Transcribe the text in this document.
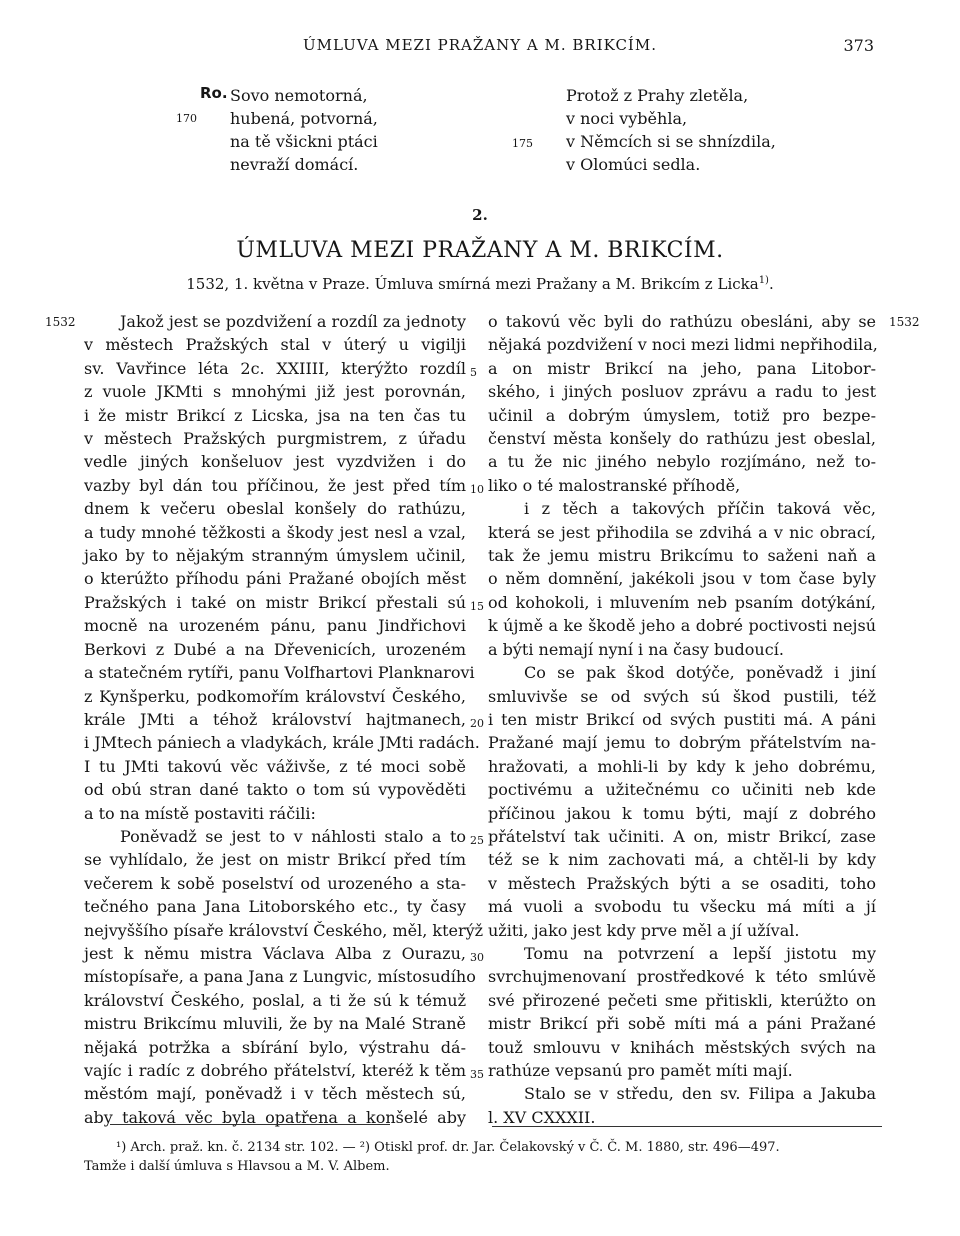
ÚMLUVA MEZI PRAŽANY A M. BRIKCÍM.	373
Ro. Sovo nemotorná,
hubená, potvorná,
na tě všickni ptáci
nevraží domácí.
170
Protož z Prahy zletěla,
v noci vyběhla,
v Němcích si se shnízdila,
v Olomúci sedla.
175
2.
ÚMLUVA MEZI PRAŽANY A M. BRIKCÍM.
1532, 1. května v Praze. Úmluva smírná mezi Pražany a M. Brikcím z Licka$^{1)}$.
1532	1532
Jakož jest se pozdvižení a rozdíl za jednoty
v městech Pražských stal v úterý u vigilji
sv. Vavřince léta 2c. XXIIII, kterýžto rozdíl
z vuole JKMti s mnohými již jest porovnán,
i že mistr Brikcí z Licska, jsa na ten čas tu
v městech Pražských purgmistrem, z úřadu
vedle jiných konšeluov jest vyzdvižen i do
vazby byl dán tou příčinou, že jest před tím
dnem k večeru obeslal konšely do rathúzu,
a tudy mnohé těžkosti a škody jest nesl a vzal,
jako by to nějakým stranným úmyslem učinil,
o kterúžto příhodu páni Pražané obojích měst
Pražských i také on mistr Brikcí přestali sú
mocně na urozeném pánu, panu Jindřichovi
Berkovi z Dubé a na Dřevenicích, urozeném
a statečném rytíři, panu Volfhartovi Planknarovi
z Kynšperku, podkomořím království Českého,
krále JMti a téhož království hajtmanech,
i JMtech pániech a vladykách, krále JMti radách.
I tu JMti takovú věc váživše, z té moci sobě
od obú stran dané takto o tom sú vypověděti
a to na místě postaviti ráčili:
Poněvadž se jest to v náhlosti stalo a to
se vyhlídalo, že jest on mistr Brikcí před tím
večerem k sobě poselství od urozeného a sta-
tečného pana Jana Litoborského etc., ty časy
nejvyššího písaře království Českého, měl, kterýž
jest k němu mistra Václava Alba z Ourazu,
místopísaře, a pana Jana z Lungvic, místosudího
království Českého, poslal, a ti že sú k témuž
mistru Brikcímu mluvili, že by na Malé Straně
nějaká potržka a sbírání bylo, výstrahu dá-
vajíc i radíc z dobrého přátelství, kteréž k těm
městóm mají, poněvadž i v těch městech sú,
aby taková věc byla opatřena a konšelé aby
5
10
15
20
25
30
35
o takovú věc byli do rathúzu obesláni, aby se
nějaká pozdvižení v noci mezi lidmi nepřihodila,
a on mistr Brikcí na jeho, pana Litobor-
ského, i jiných posluov zprávu a radu to jest
učinil a dobrým úmyslem, totiž pro bezpe-
čenství města konšely do rathúzu jest obeslal,
a tu že nic jiného nebylo rozjímáno, než to-
liko o té malostranské příhodě,
i z těch a takových příčin taková věc,
která se jest přihodila se zdvihá a v nic obrací,
tak že jemu mistru Brikcímu to saženi naň a
o něm domnění, jakékoli jsou v tom čase byly
od kohokoli, i mluvením neb psaním dotýkání,
k újmě a ke škodě jeho a dobré poctivosti nejsú
a býti nemají nyní i na časy budoucí.
Co se pak škod dotýče, poněvadž i jiní
smluvivše se od svých sú škod pustili, též
i ten mistr Brikcí od svých pustiti má. A páni
Pražané mají jemu to dobrým přátelstvím na-
hražovati, a mohli-li by kdy k jeho dobrému,
poctivému a užitečnému co učiniti neb kde
příčinou jakou k tomu býti, mají z dobrého
přátelství tak učiniti. A on, mistr Brikcí, zase
též se k nim zachovati má, a chtěl-li by kdy
v městech Pražských býti a se osaditi, toho
má vuoli a svobodu tu všecku má míti a jí
užiti, jako jest kdy prve měl a jí užíval.
Tomu na potvrzení a lepší jistotu my
svrchujmenovaní prostředkové k této smlúvě
své přirozené pečeti sme přitiskli, kterúžto on
mistr Brikcí při sobě míti má a páni Pražané
touž smlouvu v knihách městských svých na
rathúze vepsanú pro pamět míti mají.
Stalo se v středu, den sv. Filipa a Jakuba
l. XV CXXXII.
¹) Arch. praž. kn. č. 2134 str. 102. — ²) Otiskl prof. dr. Jar. Čelakovský v Č. Č. M. 1880, str. 496—497.
Tamže i další úmluva s Hlavsou a M. V. Albem.
